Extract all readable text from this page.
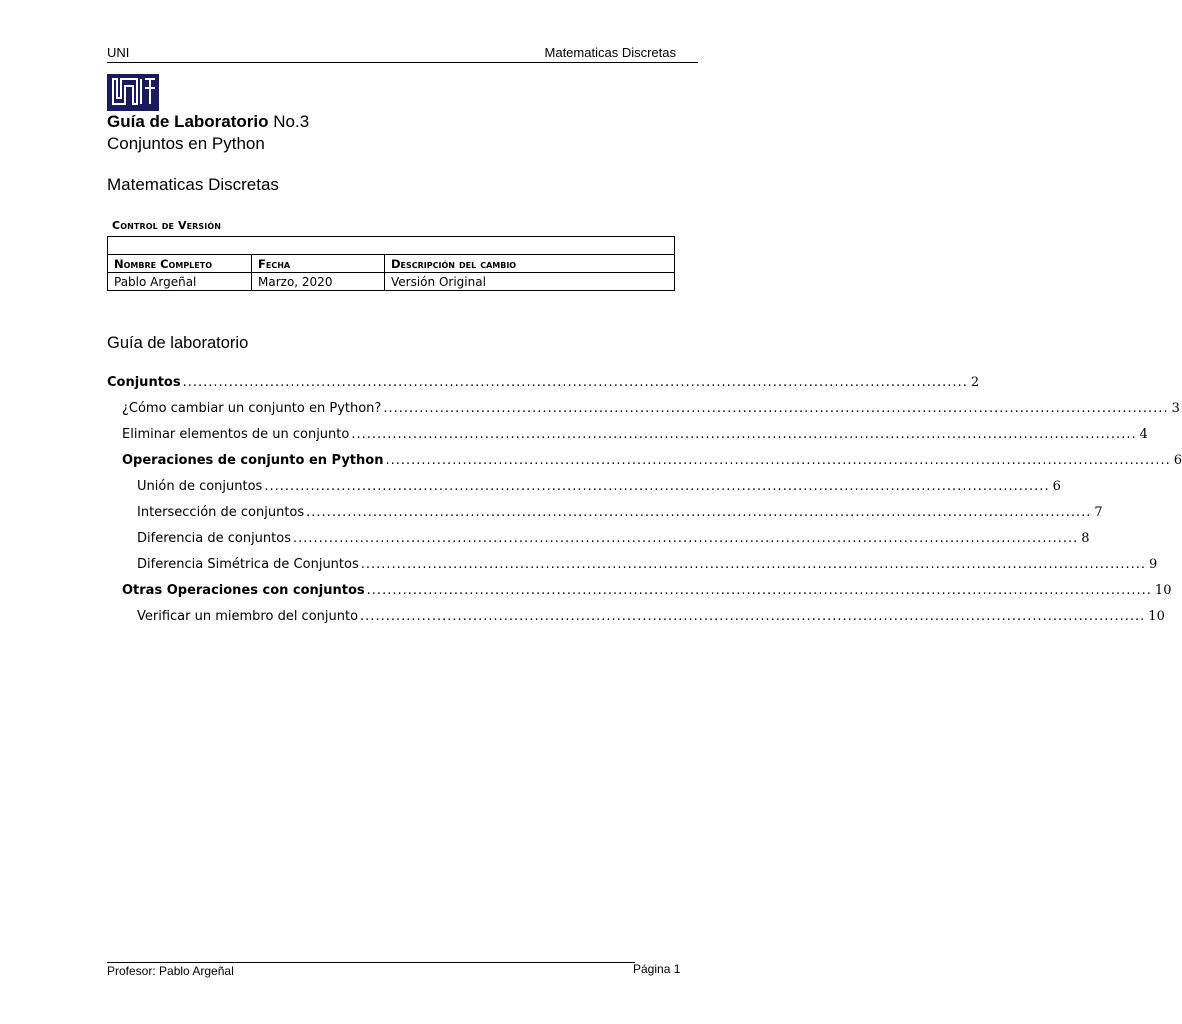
UNI	Matematicas Discretas
Guía de Laboratorio No.3
Conjuntos en Python
Matematicas Discretas
Control de Versión

Nombre Completo	Fecha	Descripción del cambio
Pablo Argeñal	Marzo, 2020	Versión Original
Guía de laboratorio
Conjuntos ......................................................................................................................................................... 2
¿Cómo cambiar un conjunto en Python? ......................................................................................................................................................... 3
Eliminar elementos de un conjunto ......................................................................................................................................................... 4
Operaciones de conjunto en Python ......................................................................................................................................................... 6
Unión de conjuntos ......................................................................................................................................................... 6
Intersección de conjuntos ......................................................................................................................................................... 7
Diferencia de conjuntos ......................................................................................................................................................... 8
Diferencia Simétrica de Conjuntos ......................................................................................................................................................... 9
Otras Operaciones con conjuntos ......................................................................................................................................................... 10
Verificar un miembro del conjunto ......................................................................................................................................................... 10
Profesor: Pablo Argeñal	Página 1
